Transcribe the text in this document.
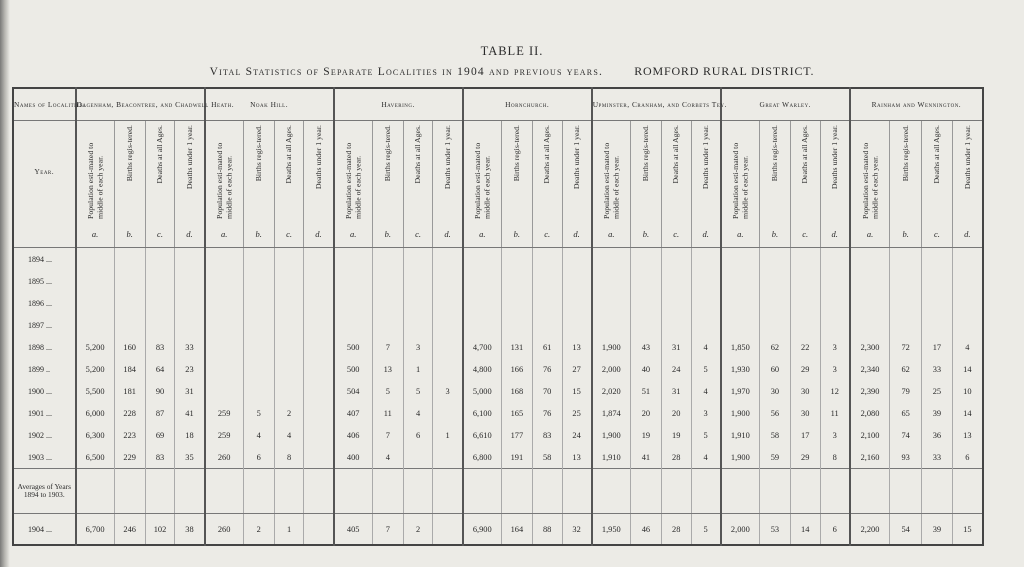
TABLE II.
Vital Statistics of Separate Localities in 1904 and previous years.	ROMFORD RURAL DISTRICT.
Names of Localities.	Dagenham, Beacontree, and Chadwell Heath.				Noak Hill.				Havering.				Hornchurch.				Upminster, Cranham, and Corbets Tey.				Great Warley.				Rainham and Wennington.			
Year.	Population esti-mated to middle of each year.	Births regis-tered.	Deaths at all Ages.	Deaths under 1 year.	Population esti-mated to middle of each year.	Births regis-tered.	Deaths at all Ages.	Deaths under 1 year.	Population esti-mated to middle of each year.	Births regis-tered.	Deaths at all Ages.	Deaths under 1 year.	Population esti-mated to middle of each year.	Births regis-tered.	Deaths at all Ages.	Deaths under 1 year.	Population esti-mated to middle of each year.	Births regis-tered.	Deaths at all Ages.	Deaths under 1 year.	Population esti-mated to middle of each year.	Births regis-tered.	Deaths at all Ages.	Deaths under 1 year.	Population esti-mated to middle of each year.	Births regis-tered.	Deaths at all Ages.	Deaths under 1 year.
	a.	b.	c.	d.	a.	b.	c.	d.	a.	b.	c.	d.	a.	b.	c.	d.	a.	b.	c.	d.	a.	b.	c.	d.	a.	b.	c.	d.
1894 ...																												
1895 ...																												
1896 ...																												
1897 ...																												
1898 ...	5,200	160	83	33					500	7	3		4,700	131	61	13	1,900	43	31	4	1,850	62	22	3	2,300	72	17	4
1899 ..	5,200	184	64	23					500	13	1		4,800	166	76	27	2,000	40	24	5	1,930	60	29	3	2,340	62	33	14
1900 ...	5,500	181	90	31					504	5	5	3	5,000	168	70	15	2,020	51	31	4	1,970	30	30	12	2,390	79	25	10
1901 ...	6,000	228	87	41	259	5	2		407	11	4		6,100	165	76	25	1,874	20	20	3	1,900	56	30	11	2,080	65	39	14
1902 ...	6,300	223	69	18	259	4	4		406	7	6	1	6,610	177	83	24	1,900	19	19	5	1,910	58	17	3	2,100	74	36	13
1903 ...	6,500	229	83	35	260	6	8		400	4			6,800	191	58	13	1,910	41	28	4	1,900	59	29	8	2,160	93	33	6
Averages of Years 1894 to 1903.																												
1904 ...	6,700	246	102	38	260	2	1		405	7	2		6,900	164	88	32	1,950	46	28	5	2,000	53	14	6	2,200	54	39	15
